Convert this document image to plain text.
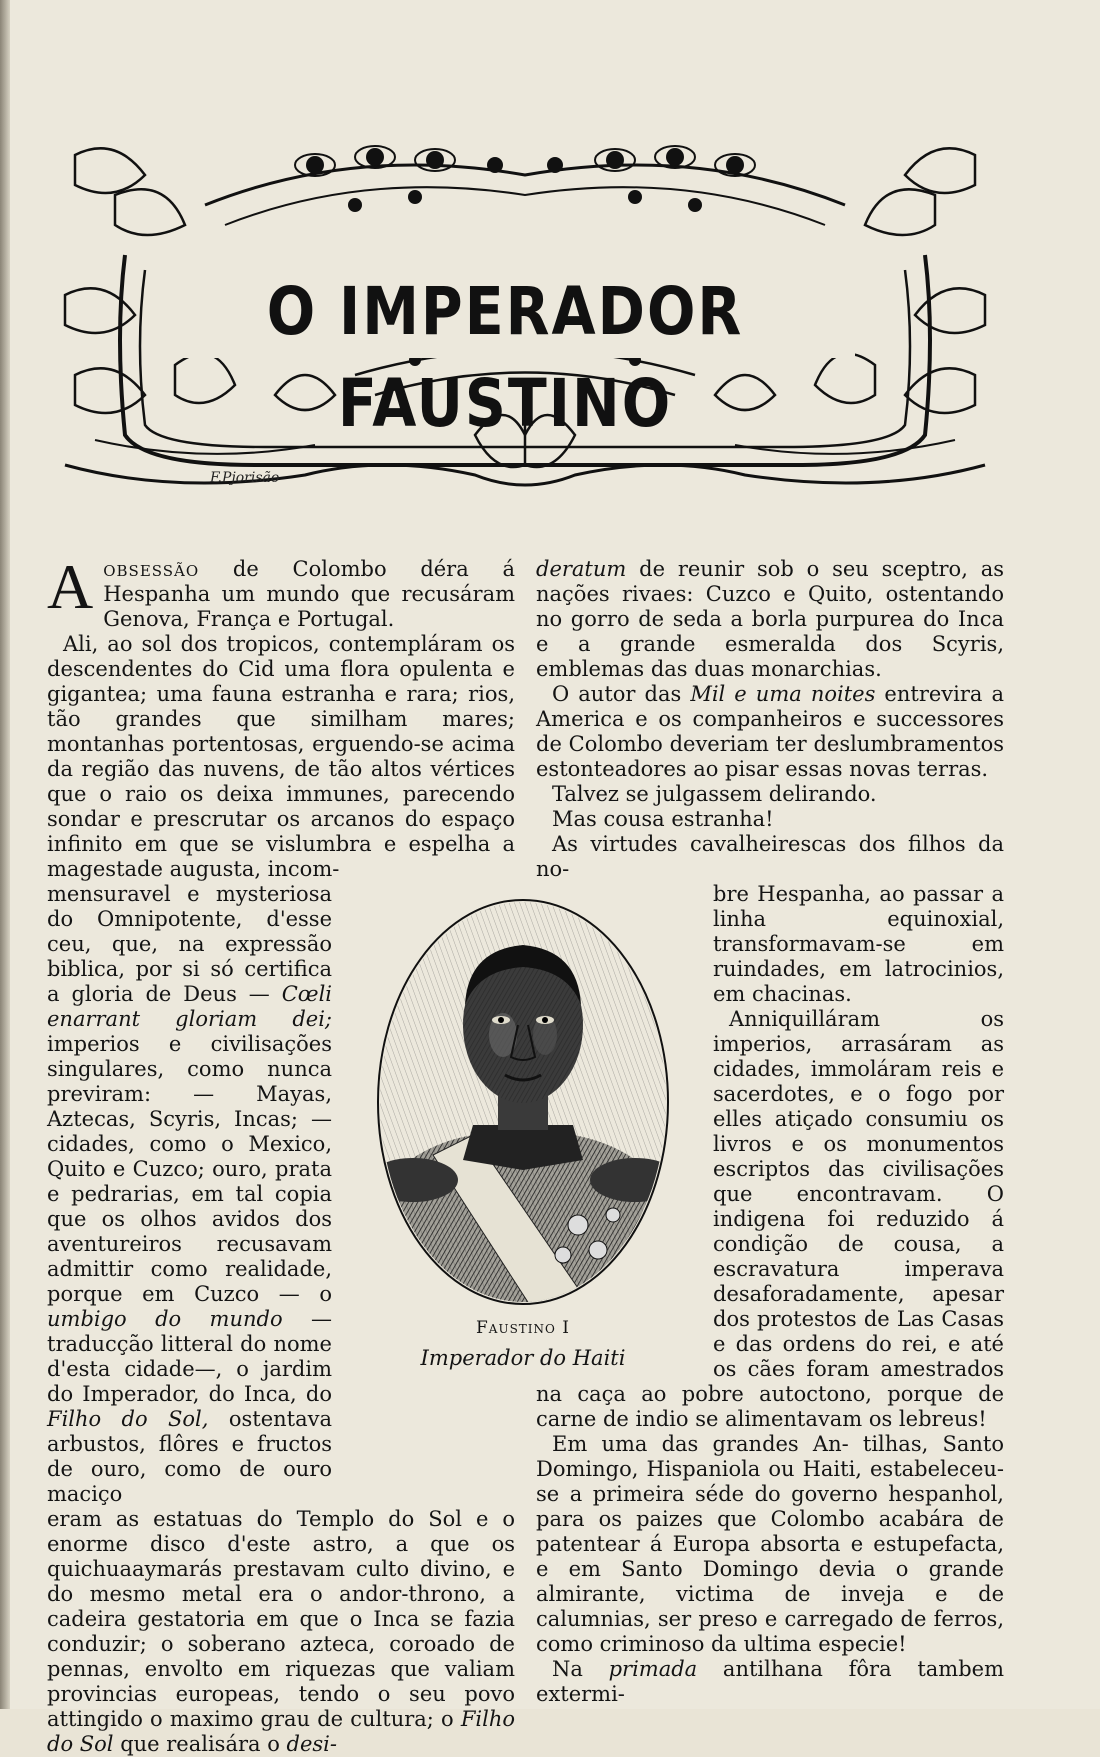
O IMPERADOR FAUSTINO
F.Pjorisão

Aobsessão de Colombo déra á Hespanha um mundo que recusáram Genova, França e Portugal.

Ali, ao sol dos tropicos, contempláram os descendentes do Cid uma flora opulenta e gigantea; uma fauna estranha e rara; rios, tão grandes que similham mares; montanhas portentosas, erguendo-se acima da região das nuvens, de tão altos vértices que o raio os deixa immunes, parecendo sondar e prescrutar os arcanos do espaço infinito em que se vislumbra e espelha a magestade augusta, incom-

mensuravel e mysteriosa do Omnipotente, d'esse ceu, que, na expressão biblica, por si só certifica a gloria de Deus — Cœli enarrant gloriam dei; imperios e civilisações singulares, como nunca previram: — Mayas, Aztecas, Scyris, Incas; — cidades, como o Mexico, Quito e Cuzco; ouro, prata e pedrarias, em tal copia que os olhos avidos dos aventureiros recusavam admittir como realidade, porque em Cuzco — o umbigo do mundo — traducção litteral do nome d'esta cidade—, o jardim do Imperador, do Inca, do Filho do Sol, ostentava arbustos, flôres e fructos de ouro, como de ouro maciço

eram as estatuas do Templo do Sol e o enorme disco d'este astro, a que os quichuaaymarás prestavam culto divino, e do mesmo metal era o andor-throno, a cadeira gestatoria em que o Inca se fazia conduzir; o soberano azteca, coroado de pennas, envolto em riquezas que valiam provincias europeas, tendo o seu povo attingido o maximo grau de cultura; o Filho do Sol que realisára o desi-

deratum de reunir sob o seu sceptro, as nações rivaes: Cuzco e Quito, ostentando no gorro de seda a borla purpurea do Inca e a grande esmeralda dos Scyris, emblemas das duas monarchias.

O autor das Mil e uma noites entrevira a America e os companheiros e successores de Colombo deveriam ter deslumbramentos estonteadores ao pisar essas novas terras.

Talvez se julgassem delirando.

Mas cousa estranha!

As virtudes cavalheirescas dos filhos da no-

bre Hespanha, ao passar a linha equinoxial, transformavam-se em ruindades, em latrocinios, em chacinas.

Anniquilláram os imperios, arrasáram as cidades, immoláram reis e sacerdotes, e o fogo por elles atiçado consumiu os livros e os monumentos escriptos das civilisações que encontravam. O indigena foi reduzido á condição de cousa, a escravatura imperava desaforadamente, apesar dos protestos de Las Casas e das ordens do rei, e até os cães foram amestrados na caça ao pobre autoctono, porque de carne de indio se alimentavam os lebreus!

Em uma das grandes An- tilhas, Santo Domingo, Hispaniola ou Haiti, estabeleceu-se a primeira séde do governo hespanhol, para os paizes que Colombo acabára de patentear á Europa absorta e estupefacta, e em Santo Domingo devia o grande almirante, victima de inveja e de calumnias, ser preso e carregado de ferros, como criminoso da ultima especie!

Na primada antilhana fôra tambem extermi-

Faustino I
Imperador do Haiti
